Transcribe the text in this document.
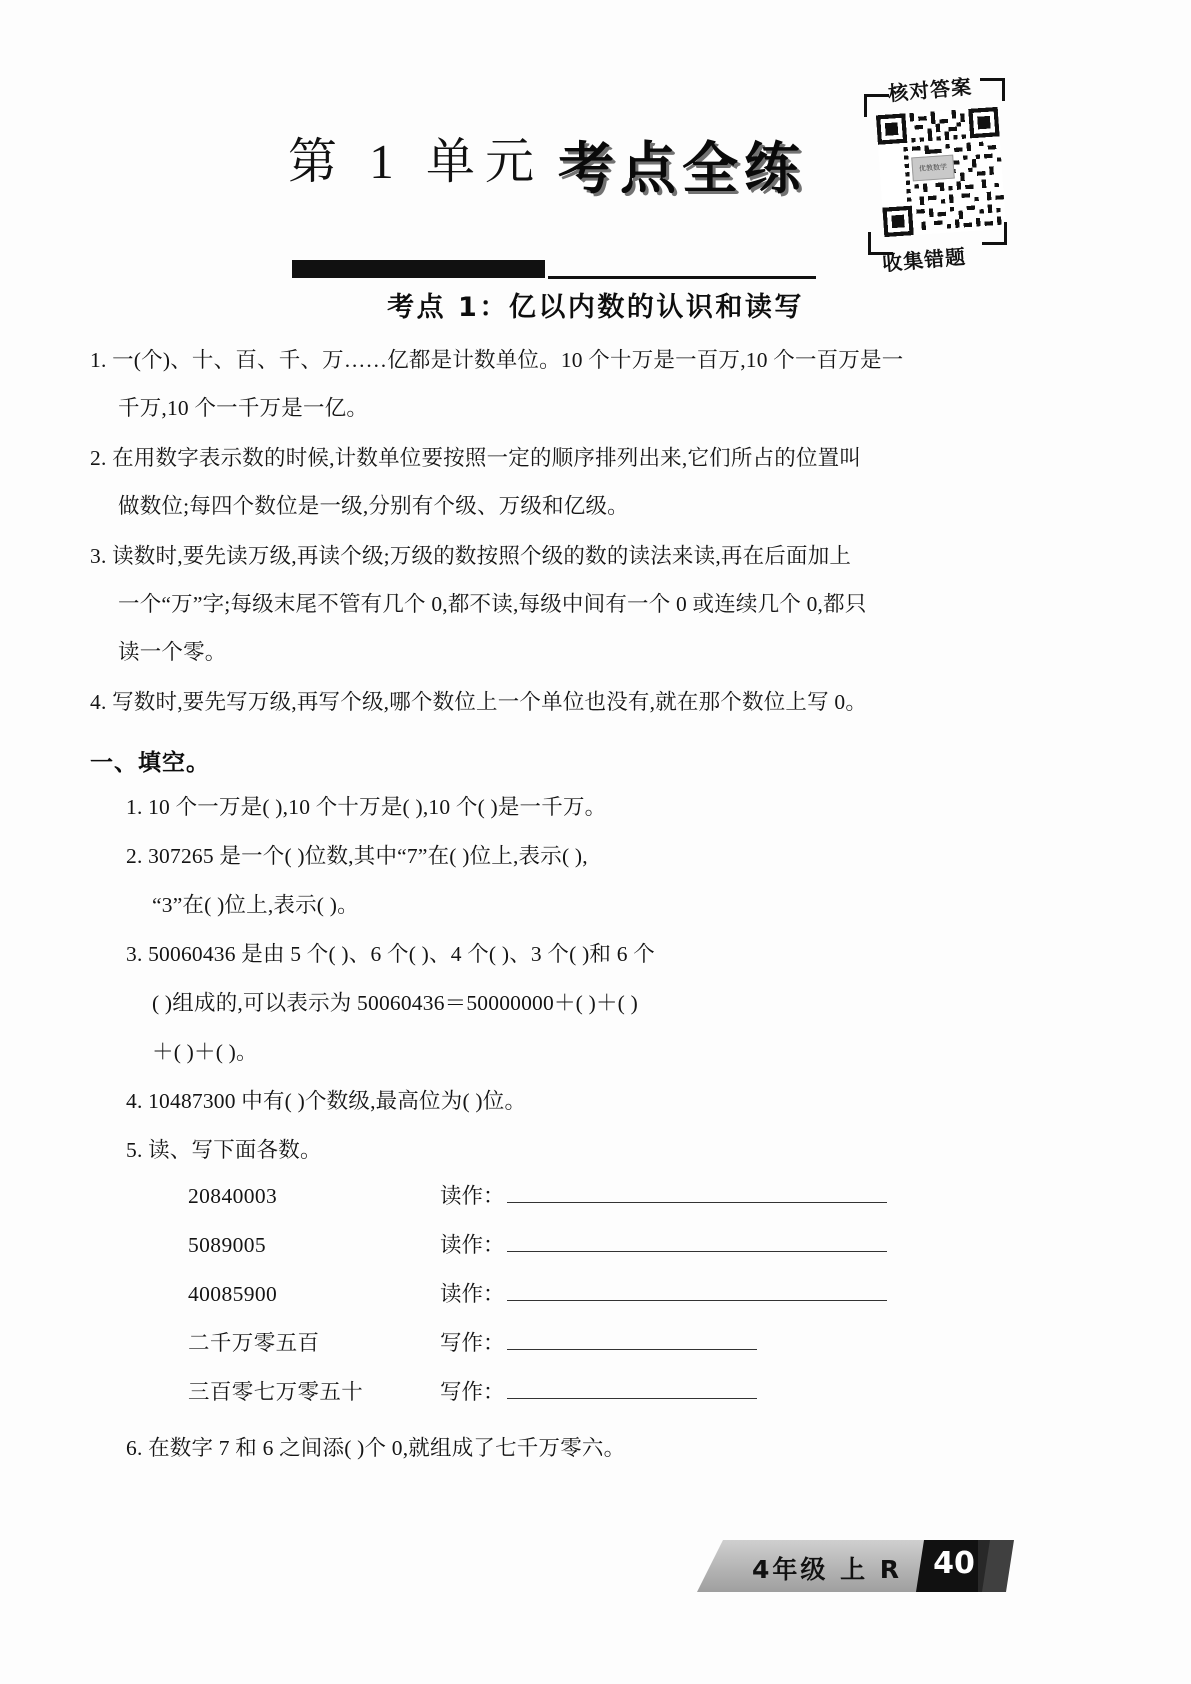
第 1 单元 考点全练
核对答案
优教数学
收集错题
考点 1：亿以内数的认识和读写
1. 一(个)、十、百、千、万……亿都是计数单位。10 个十万是一百万,10 个一百万是一
千万,10 个一千万是一亿。
2. 在用数字表示数的时候,计数单位要按照一定的顺序排列出来,它们所占的位置叫
做数位;每四个数位是一级,分别有个级、万级和亿级。
3. 读数时,要先读万级,再读个级;万级的数按照个级的数的读法来读,再在后面加上
一个“万”字;每级末尾不管有几个 0,都不读,每级中间有一个 0 或连续几个 0,都只
读一个零。
4. 写数时,要先写万级,再写个级,哪个数位上一个单位也没有,就在那个数位上写 0。
一、填空。
1. 10 个一万是( ),10 个十万是( ),10 个( )是一千万。
2. 307265 是一个( )位数,其中“7”在( )位上,表示( ),
“3”在( )位上,表示( )。
3. 50060436 是由 5 个( )、6 个( )、4 个( )、3 个( )和 6 个
( )组成的,可以表示为 50060436＝50000000＋( )＋( )
＋( )＋( )。
4. 10487300 中有( )个数级,最高位为( )位。
5. 读、写下面各数。
20840003	读作：
5089005	读作：
40085900	读作：
二千万零五百	写作：
三百零七万零五十	写作：
6. 在数字 7 和 6 之间添( )个 0,就组成了七千万零六。
4年级 上 R 40
